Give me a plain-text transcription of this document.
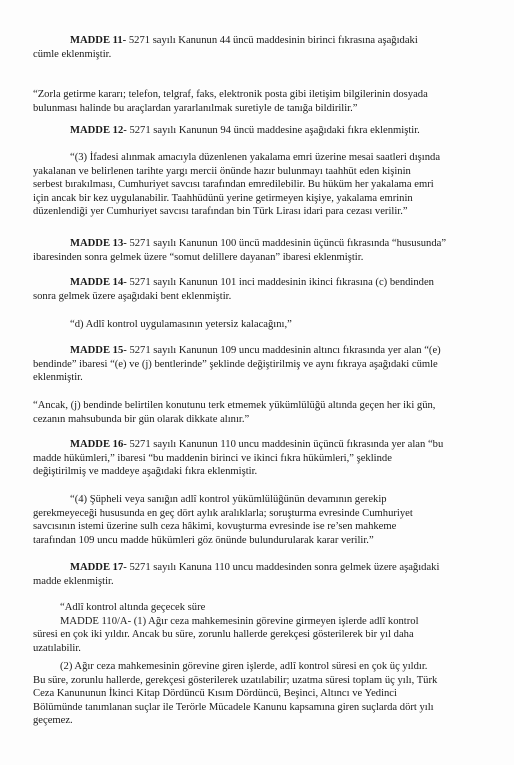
MADDE 11- 5271 sayılı Kanunun 44 üncü maddesinin birinci fıkrasına aşağıdaki
cümle eklenmiştir.
“Zorla getirme kararı; telefon, telgraf, faks, elektronik posta gibi iletişim bilgilerinin dosyada
bulunması halinde bu araçlardan yararlanılmak suretiyle de tanığa bildirilir.”
MADDE 12- 5271 sayılı Kanunun 94 üncü maddesine aşağıdaki fıkra eklenmiştir.
“(3) İfadesi alınmak amacıyla düzenlenen yakalama emri üzerine mesai saatleri dışında
yakalanan ve belirlenen tarihte yargı mercii önünde hazır bulunmayı taahhüt eden kişinin
serbest bırakılması, Cumhuriyet savcısı tarafından emredilebilir. Bu hüküm her yakalama emri
için ancak bir kez uygulanabilir. Taahhüdünü yerine getirmeyen kişiye, yakalama emrinin
düzenlendiği yer Cumhuriyet savcısı tarafından bin Türk Lirası idari para cezası verilir.”
MADDE 13- 5271 sayılı Kanunun 100 üncü maddesinin üçüncü fıkrasında “hususunda”
ibaresinden sonra gelmek üzere “somut delillere dayanan” ibaresi eklenmiştir.
MADDE 14- 5271 sayılı Kanunun 101 inci maddesinin ikinci fıkrasına (c) bendinden
sonra gelmek üzere aşağıdaki bent eklenmiştir.
“d) Adlî kontrol uygulamasının yetersiz kalacağını,”
MADDE 15- 5271 sayılı Kanunun 109 uncu maddesinin altıncı fıkrasında yer alan “(e)
bendinde” ibaresi “(e) ve (j) bentlerinde” şeklinde değiştirilmiş ve aynı fıkraya aşağıdaki cümle
eklenmiştir.
“Ancak, (j) bendinde belirtilen konutunu terk etmemek yükümlülüğü altında geçen her iki gün,
cezanın mahsubunda bir gün olarak dikkate alınır.”
MADDE 16- 5271 sayılı Kanunun 110 uncu maddesinin üçüncü fıkrasında yer alan “bu
madde hükümleri,” ibaresi “bu maddenin birinci ve ikinci fıkra hükümleri,” şeklinde
değiştirilmiş ve maddeye aşağıdaki fıkra eklenmiştir.
“(4) Şüpheli veya sanığın adlî kontrol yükümlülüğünün devamının gerekip
gerekmeyeceği hususunda en geç dört aylık aralıklarla; soruşturma evresinde Cumhuriyet
savcısının istemi üzerine sulh ceza hâkimi, kovuşturma evresinde ise re’sen mahkeme
tarafından 109 uncu madde hükümleri göz önünde bulundurularak karar verilir.”
MADDE 17- 5271 sayılı Kanuna 110 uncu maddesinden sonra gelmek üzere aşağıdaki
madde eklenmiştir.
“Adlî kontrol altında geçecek süre
MADDE 110/A- (1) Ağır ceza mahkemesinin görevine girmeyen işlerde adlî kontrol
süresi en çok iki yıldır. Ancak bu süre, zorunlu hallerde gerekçesi gösterilerek bir yıl daha
uzatılabilir.
(2) Ağır ceza mahkemesinin görevine giren işlerde, adlî kontrol süresi en çok üç yıldır.
Bu süre, zorunlu hallerde, gerekçesi gösterilerek uzatılabilir; uzatma süresi toplam üç yılı, Türk
Ceza Kanununun İkinci Kitap Dördüncü Kısım Dördüncü, Beşinci, Altıncı ve Yedinci
Bölümünde tanımlanan suçlar ile Terörle Mücadele Kanunu kapsamına giren suçlarda dört yılı
geçemez.
